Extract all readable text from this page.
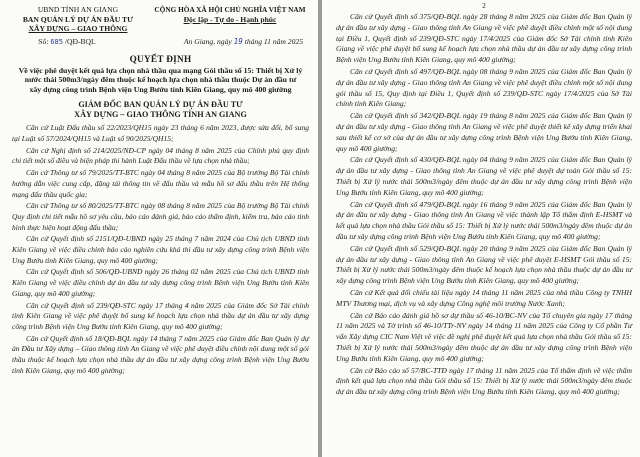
UBND TỈNH AN GIANG
BAN QUẢN LÝ DỰ ÁN ĐẦU TƯ
XÂY DỰNG – GIAO THÔNG
CỘNG HÒA XÃ HỘI CHỦ NGHĨA VIỆT NAM
Độc lập - Tự do - Hạnh phúc
Số: 685 /QĐ-BQL	An Giang, ngày 19 tháng 11 năm 2025
QUYẾT ĐỊNH
Về việc phê duyệt kết quả lựa chọn nhà thầu qua mạng Gói thầu số 15: Thiết bị Xử lý nước thải 500m3/ngày đêm thuộc kế hoạch lựa chọn nhà thầu thuộc Dự án đầu tư xây dựng công trình Bệnh viện Ung Bướu tỉnh Kiên Giang, quy mô 400 giường
GIÁM ĐỐC BAN QUẢN LÝ DỰ ÁN ĐẦU TƯ
XÂY DỰNG – GIAO THÔNG TỈNH AN GIANG

Căn cứ Luật Đấu thầu số 22/2023/QH15 ngày 23 tháng 6 năm 2023, được sửa đổi, bổ sung tại Luật số 57/2024/QH15 và Luật số 90/2025/QH15;

Căn cứ Nghị định số 214/2025/NĐ-CP ngày 04 tháng 8 năm 2025 của Chính phủ quy định chi tiết một số điều và biện pháp thi hành Luật Đấu thầu về lựa chọn nhà thầu;

Căn cứ Thông tư số 79/2025/TT-BTC ngày 04 tháng 8 năm 2025 của Bộ trưởng Bộ Tài chính hướng dẫn việc cung cấp, đăng tải thông tin về đấu thầu và mẫu hồ sơ đấu thầu trên Hệ thống mạng đấu thầu quốc gia;

Căn cứ Thông tư số 80/2025/TT-BTC ngày 08 tháng 8 năm 2025 của Bộ trưởng Bộ Tài chính Quy định chi tiết mẫu hồ sơ yêu cầu, báo cáo đánh giá, báo cáo thẩm định, kiểm tra, báo cáo tình hình thực hiện hoạt động đấu thầu;

Căn cứ Quyết định số 2151/QĐ-UBND ngày 25 tháng 7 năm 2024 của Chủ tịch UBND tỉnh Kiên Giang về việc điều chỉnh báo cáo nghiên cứu khả thi đầu tư xây dựng công trình Bệnh viện Ung Bướu tỉnh Kiên Giang, quy mô 400 giường;

Căn cứ Quyết định số 506/QĐ-UBND ngày 26 tháng 02 năm 2025 của Chủ tịch UBND tỉnh Kiên Giang về việc điều chỉnh dự án đầu tư xây dựng công trình Bệnh viện Ung Bướu tỉnh Kiên Giang, quy mô 400 giường;

Căn cứ Quyết định số 239/QĐ-STC ngày 17 tháng 4 năm 2025 của Giám đốc Sở Tài chính tỉnh Kiên Giang về việc phê duyệt bổ sung kế hoạch lựa chọn nhà thầu dự án đầu tư xây dựng công trình Bệnh viện Ung Bướu tỉnh Kiên Giang, quy mô 400 giường;

Căn cứ Quyết định số 18/QĐ-BQL ngày 14 tháng 7 năm 2025 của Giám đốc Ban Quản lý dự án Đầu tư Xây dựng – Giao thông tỉnh An Giang về việc phê duyệt điều chỉnh nội dung một số gói thầu thuộc kế hoạch lựa chọn nhà thầu dự án đầu tư xây dựng công trình Bệnh viện Ung Bướu tỉnh Kiên Giang, quy mô 400 giường;

2

Căn cứ Quyết định số 375/QĐ-BQL ngày 28 tháng 8 năm 2025 của Giám đốc Ban Quản lý dự án đầu tư xây dựng - Giao thông tỉnh An Giang về việc phê duyệt điều chỉnh một số nội dung tại Điều 1, Quyết định số 239/QĐ-STC ngày 17/4/2025 của Giám đốc Sở Tài chính tỉnh Kiên Giang về việc phê duyệt bổ sung kế hoạch lựa chọn nhà thầu dự án đầu tư xây dựng công trình Bệnh viện Ung Bướu tỉnh Kiên Giang, quy mô 400 giường;

Căn cứ Quyết định số 497/QĐ-BQL ngày 08 tháng 9 năm 2025 của Giám đốc Ban Quản lý dự án đầu tư xây dựng - Giao thông tỉnh An Giang về việc phê duyệt điều chỉnh một số nội dung gói thầu số 15, Quy định tại Điều 1, Quyết định số 239/QĐ-STC ngày 17/4/2025 của Sở Tài chính tỉnh Kiên Giang;

Căn cứ Quyết định số 342/QĐ-BQL ngày 19 tháng 8 năm 2025 của Giám đốc Ban Quản lý dự án đầu tư xây dựng - Giao thông tỉnh An Giang về việc phê duyệt thiết kế xây dựng triển khai sau thiết kế cơ sở của dự án đầu tư xây dựng công trình Bệnh viện Ung Bướu tỉnh Kiên Giang, quy mô 400 giường;

Căn cứ Quyết định số 430/QĐ-BQL ngày 04 tháng 9 năm 2025 của Giám đốc Ban Quản lý dự án đầu tư xây dựng - Giao thông tỉnh An Giang về việc phê duyệt dự toán Gói thầu số 15: Thiết bị Xử lý nước thải 500m3/ngày đêm thuộc dự án đầu tư xây dựng công trình Bệnh viện Ung Bướu tỉnh Kiên Giang, quy mô 400 giường;

Căn cứ Quyết định số 479/QĐ-BQL ngày 16 tháng 9 năm 2025 của Giám đốc Ban Quản lý dự án đầu tư xây dựng - Giao thông tỉnh An Giang về việc thành lập Tổ thẩm định E-HSMT và kết quả lựa chọn nhà thầu Gói thầu số 15: Thiết bị Xử lý nước thải 500m3/ngày đêm thuộc dự án đầu tư xây dựng công trình Bệnh viện Ung Bướu tỉnh Kiên Giang, quy mô 400 giường;

Căn cứ Quyết định số 529/QĐ-BQL ngày 20 tháng 9 năm 2025 của Giám đốc Ban Quản lý dự án đầu tư xây dựng - Giao thông tỉnh An Giang về việc phê duyệt E-HSMT Gói thầu số 15: Thiết bị Xử lý nước thải 500m3/ngày đêm thuộc kế hoạch lựa chọn nhà thầu thuộc dự án đầu tư xây dựng công trình Bệnh viện Ung Bướu tỉnh Kiên Giang, quy mô 400 giường;

Căn cứ Kết quả đối chiếu tài liệu ngày 14 tháng 11 năm 2025 của nhà thầu Công ty TNHH MTV Thương mại, dịch vụ và xây dựng Công nghệ môi trường Nước Xanh;

Căn cứ Báo cáo đánh giá hồ sơ dự thầu số 46-10/BC-NV của Tổ chuyên gia ngày 17 tháng 11 năm 2025 và Tờ trình số 46-10/TTr-NV ngày 14 tháng 11 năm 2025 của Công ty Cổ phần Tư vấn Xây dựng CIC Nam Việt về việc đề nghị phê duyệt kết quả lựa chọn nhà thầu Gói thầu số 15: Thiết bị Xử lý nước thải 500m3/ngày đêm thuộc dự án đầu tư xây dựng công trình Bệnh viện Ung Bướu tỉnh Kiên Giang, quy mô 400 giường;

Căn cứ Báo cáo số 57/BC-TTĐ ngày 17 tháng 11 năm 2025 của Tổ thẩm định về việc thẩm định kết quả lựa chọn nhà thầu Gói thầu số 15: Thiết bị Xử lý nước thải 500m3/ngày đêm thuộc dự án đầu tư xây dựng công trình Bệnh viện Ung Bướu tỉnh Kiên Giang, quy mô 400 giường;
